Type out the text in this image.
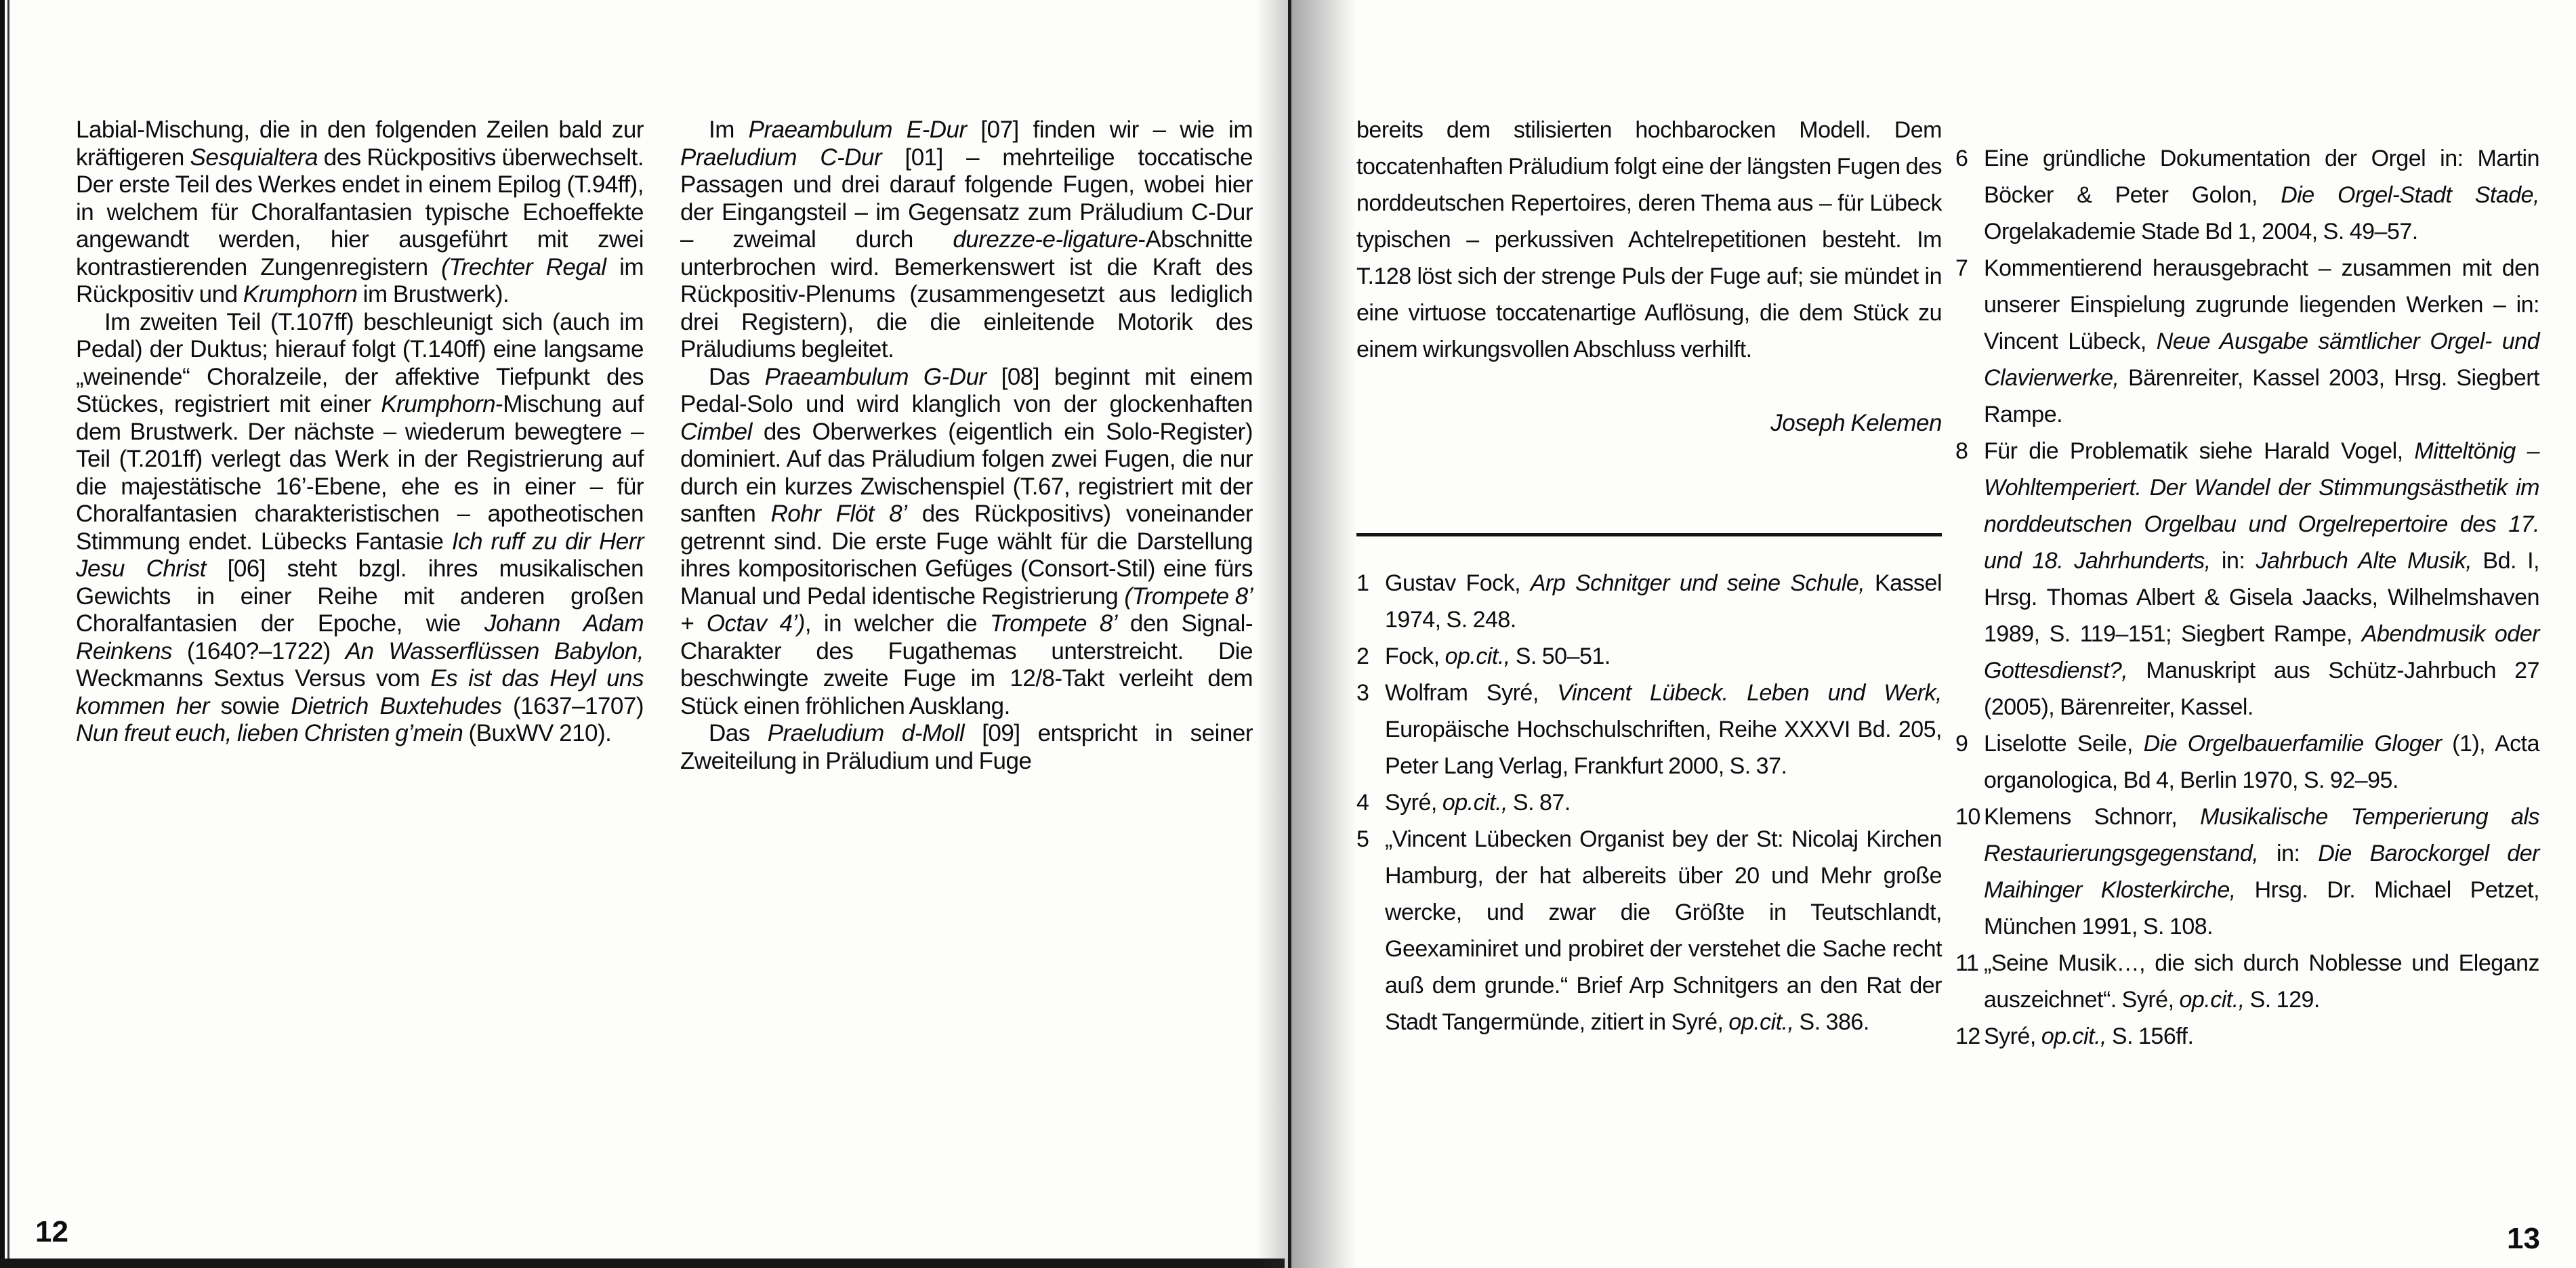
Labial-Mischung, die in den folgenden Zeilen bald zur kräftigeren Sesquialtera des Rückpositivs überwechselt. Der erste Teil des Werkes endet in einem Epilog (T.94ff), in welchem für Choralfantasien typische Echoeffekte angewandt werden, hier ausgeführt mit zwei kontrastierenden Zungenregistern (Trechter Regal im Rückpositiv und Krumphorn im Brustwerk).

Im zweiten Teil (T.107ff) beschleunigt sich (auch im Pedal) der Duktus; hierauf folgt (T.140ff) eine langsame „weinende“ Choralzeile, der affektive Tiefpunkt des Stückes, registriert mit einer Krumphorn-Mischung auf dem Brustwerk. Der nächste – wiederum bewegtere – Teil (T.201ff) verlegt das Werk in der Registrierung auf die majestätische 16’-Ebene, ehe es in einer – für Choralfantasien charakteristischen – apotheotischen Stimmung endet. Lübecks Fantasie Ich ruff zu dir Herr Jesu Christ [06] steht bzgl. ihres musikalischen Gewichts in einer Reihe mit anderen großen Choralfantasien der Epoche, wie Johann Adam Reinkens (1640?–1722) An Wasserflüssen Babylon, Weckmanns Sextus Versus vom Es ist das Heyl uns kommen her sowie Dietrich Buxtehudes (1637–1707) Nun freut euch, lieben Christen g’mein (BuxWV 210).

Im Praeambulum E-Dur [07] finden wir – wie im Praeludium C-Dur [01] – mehrteilige toccatische Passagen und drei darauf folgende Fugen, wobei hier der Eingangsteil – im Gegensatz zum Präludium C-Dur – zweimal durch durezze-e-ligature-Abschnitte unterbrochen wird. Bemerkenswert ist die Kraft des Rückpositiv-Plenums (zusammengesetzt aus lediglich drei Registern), die die einleitende Motorik des Präludiums begleitet.

Das Praeambulum G-Dur [08] beginnt mit einem Pedal-Solo und wird klanglich von der glockenhaften Cimbel des Oberwerkes (eigentlich ein Solo-Register) dominiert. Auf das Präludium folgen zwei Fugen, die nur durch ein kurzes Zwischenspiel (T.67, registriert mit der sanften Rohr Flöt 8’ des Rückpositivs) voneinander getrennt sind. Die erste Fuge wählt für die Darstellung ihres kompositorischen Gefüges (Consort-Stil) eine fürs Manual und Pedal identische Registrierung (Trompete 8’ + Octav 4’), in welcher die Trompete 8’ den Signal-Charakter des Fugathemas unterstreicht. Die beschwingte zweite Fuge im 12/8-Takt verleiht dem Stück einen fröhlichen Ausklang.

Das Praeludium d-Moll [09] entspricht in seiner Zweiteilung in Präludium und Fuge

12

bereits dem stilisierten hochbarocken Modell. Dem toccatenhaften Präludium folgt eine der längsten Fugen des norddeutschen Repertoires, deren Thema aus – für Lübeck typischen – perkussiven Achtelrepetitionen besteht. Im T.128 löst sich der strenge Puls der Fuge auf; sie mündet in eine virtuose toccatenartige Auflösung, die dem Stück zu einem wirkungsvollen Abschluss verhilft.

Joseph Kelemen
1 Gustav Fock, Arp Schnitger und seine Schule, Kassel 1974, S. 248.
2 Fock, op.cit., S. 50–51.
3 Wolfram Syré, Vincent Lübeck. Leben und Werk, Europäische Hochschulschriften, Reihe XXXVI Bd. 205, Peter Lang Verlag, Frankfurt 2000, S. 37.
4 Syré, op.cit., S. 87.
5 „Vincent Lübecken Organist bey der St: Nicolaj Kirchen Hamburg, der hat albereits über 20 und Mehr große wercke, und zwar die Größte in Teutschlandt, Geexaminiret und probiret der verstehet die Sache recht auß dem grunde.“ Brief Arp Schnitgers an den Rat der Stadt Tangermünde, zitiert in Syré, op.cit., S. 386.
6 Eine gründliche Dokumentation der Orgel in: Martin Böcker & Peter Golon, Die Orgel-Stadt Stade, Orgelakademie Stade Bd 1, 2004, S. 49–57.
7 Kommentierend herausgebracht – zusammen mit den unserer Einspielung zugrunde liegenden Werken – in: Vincent Lübeck, Neue Ausgabe sämtlicher Orgel- und Clavierwerke, Bärenreiter, Kassel 2003, Hrsg. Siegbert Rampe.
8 Für die Problematik siehe Harald Vogel, Mitteltönig – Wohltemperiert. Der Wandel der Stimmungsästhetik im norddeutschen Orgelbau und Orgelrepertoire des 17. und 18. Jahrhunderts, in: Jahrbuch Alte Musik, Bd. I, Hrsg. Thomas Albert & Gisela Jaacks, Wilhelmshaven 1989, S. 119–151; Siegbert Rampe, Abendmusik oder Gottesdienst?, Manuskript aus Schütz-Jahrbuch 27 (2005), Bärenreiter, Kassel.
9 Liselotte Seile, Die Orgelbauerfamilie Gloger (1), Acta organologica, Bd 4, Berlin 1970, S. 92–95.
10 Klemens Schnorr, Musikalische Temperierung als Restaurierungsgegenstand, in: Die Barockorgel der Maihinger Klosterkirche, Hrsg. Dr. Michael Petzet, München 1991, S. 108.
11 „Seine Musik…, die sich durch Noblesse und Eleganz auszeichnet“. Syré, op.cit., S. 129.
12 Syré, op.cit., S. 156ff.
13
